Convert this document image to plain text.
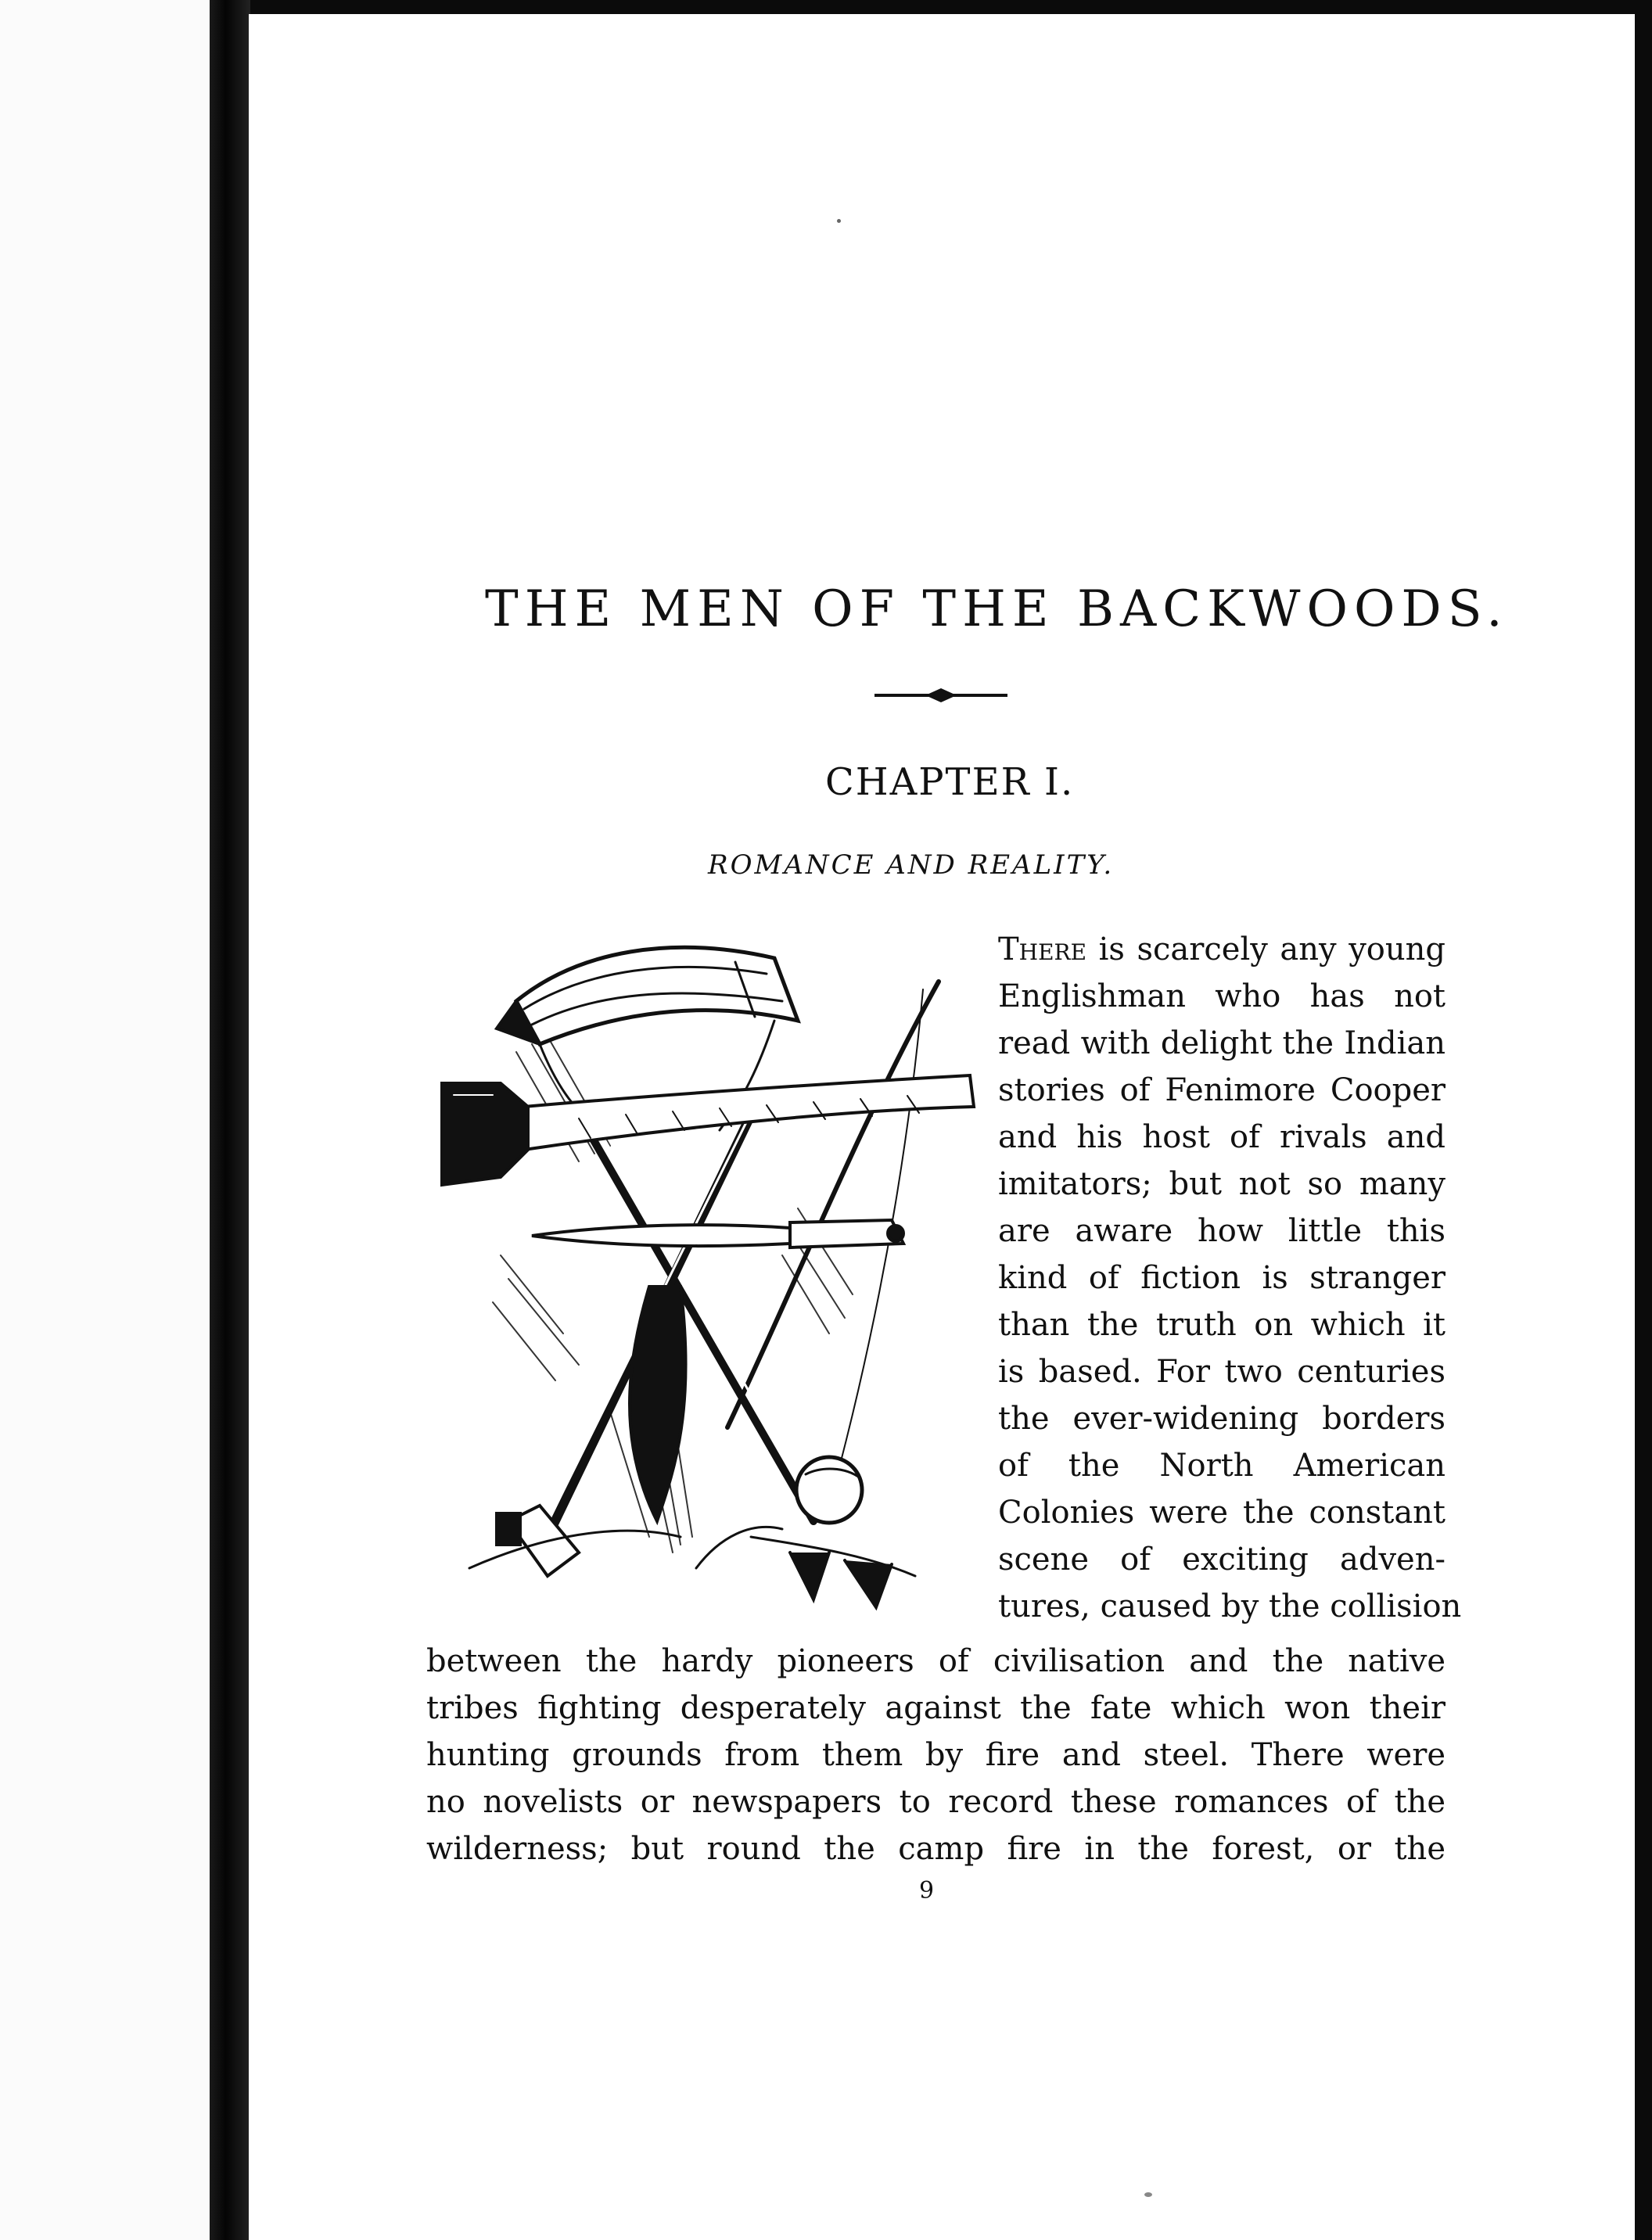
THE MEN OF THE BACKWOODS.
CHAPTER I.
ROMANCE AND REALITY.

There is scarcely any young

Englishman who has not

read with delight the Indian

stories of Fenimore Cooper

and his host of rivals and

imitators; but not so many

are aware how little this

kind of fiction is stranger

than the truth on which it

is based. For two centuries

the ever-widening borders

of the North American

Colonies were the constant

scene of exciting adven-

tures, caused by the collision

between the hardy pioneers of civilisation and the native

tribes fighting desperately against the fate which won their

hunting grounds from them by fire and steel. There were

no novelists or newspapers to record these romances of the

wilderness; but round the camp fire in the forest, or the

9
